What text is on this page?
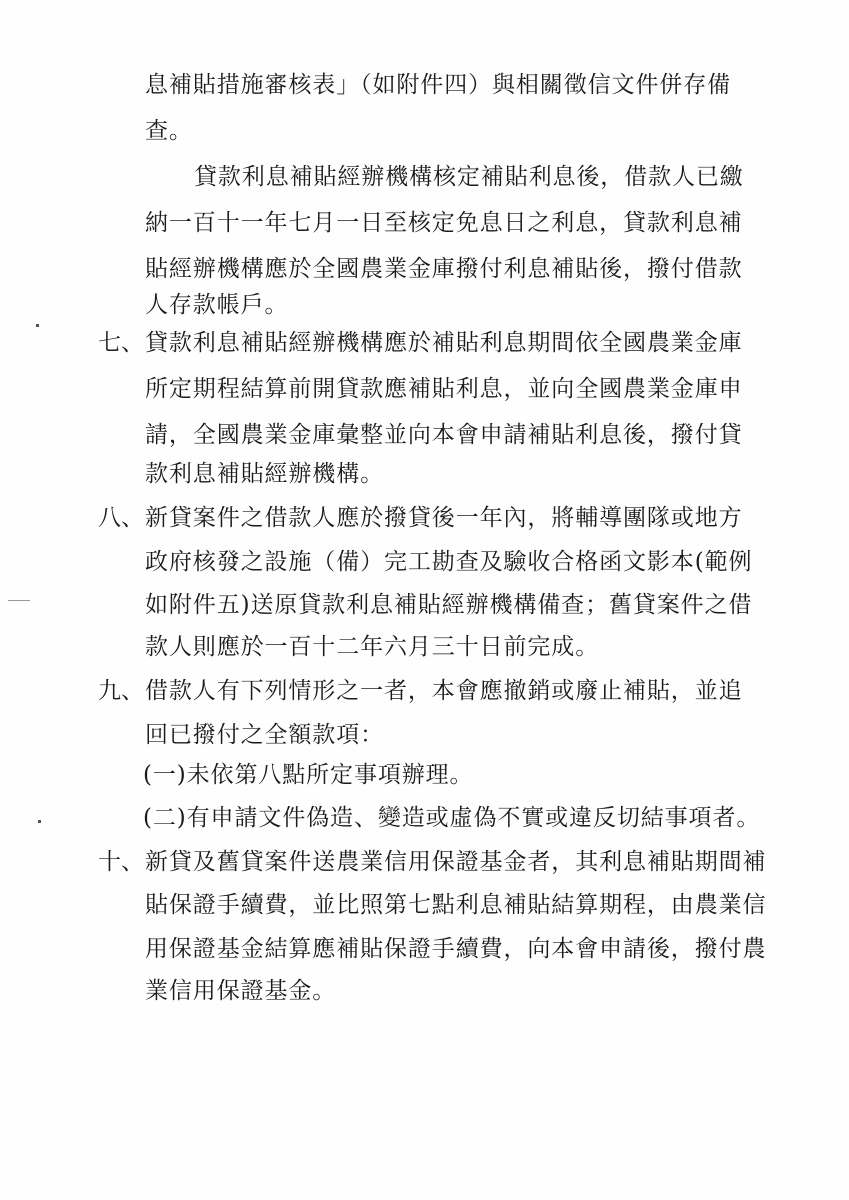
息補貼措施審核表」（如附件四）與相關徵信文件併存備
查。
貸款利息補貼經辦機構核定補貼利息後，借款人已繳
納一百十一年七月一日至核定免息日之利息，貸款利息補
貼經辦機構應於全國農業金庫撥付利息補貼後，撥付借款
人存款帳戶。
七、 貸款利息補貼經辦機構應於補貼利息期間依全國農業金庫
所定期程結算前開貸款應補貼利息，並向全國農業金庫申
請，全國農業金庫彙整並向本會申請補貼利息後，撥付貸
款利息補貼經辦機構。
八、 新貸案件之借款人應於撥貸後一年內，將輔導團隊或地方
政府核發之設施（備）完工勘查及驗收合格函文影本(範例
如附件五)送原貸款利息補貼經辦機構備查；舊貸案件之借
款人則應於一百十二年六月三十日前完成。
九、 借款人有下列情形之一者，本會應撤銷或廢止補貼，並追
回已撥付之全額款項：
(一)未依第八點所定事項辦理。
(二)有申請文件偽造、變造或虛偽不實或違反切結事項者。
十、 新貸及舊貸案件送農業信用保證基金者，其利息補貼期間補
貼保證手續費，並比照第七點利息補貼結算期程，由農業信
用保證基金結算應補貼保證手續費，向本會申請後，撥付農
業信用保證基金。
